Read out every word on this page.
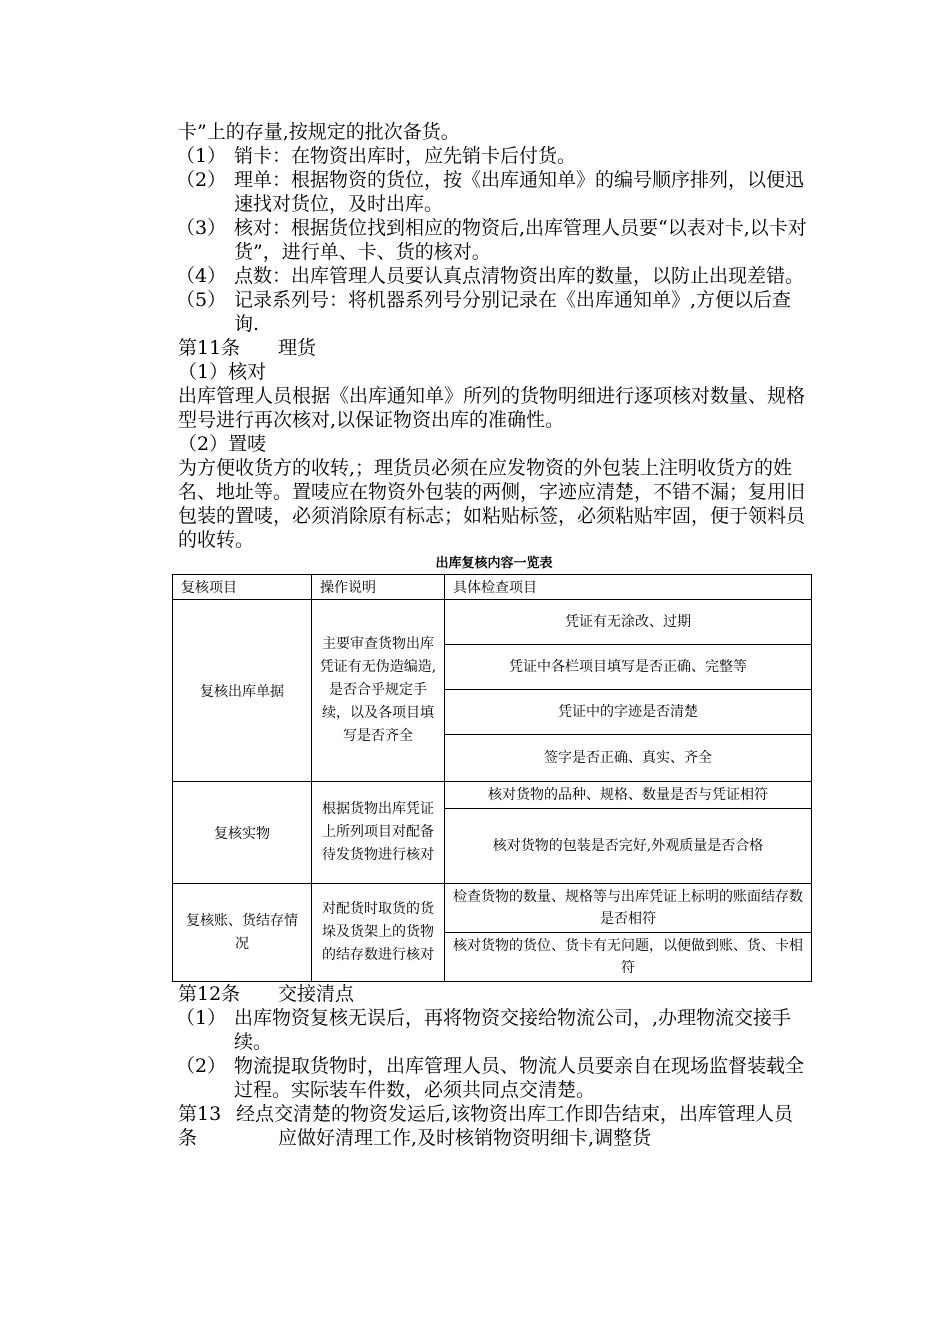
卡”上的存量,按规定的批次备货。

（1） 销卡：在物资出库时，应先销卡后付货。
（2） 理单：根据物资的货位，按《出库通知单》的编号顺序排列，以便迅速找对货位，及时出库。
（3） 核对：根据货位找到相应的物资后,出库管理人员要“以表对卡,以卡对货”，进行单、卡、货的核对。
（4） 点数：出库管理人员要认真点清物资出库的数量，以防止出现差错。
（5） 记录系列号：将机器系列号分别记录在《出库通知单》,方便以后查询.
第11条	理货

（1）核对

出库管理人员根据《出库通知单》所列的货物明细进行逐项核对数量、规格型号进行再次核对,以保证物资出库的准确性。

（2）置唛

为方便收货方的收转,；理货员必须在应发物资的外包装上注明收货方的姓名、地址等。置唛应在物资外包装的两侧，字迹应清楚，不错不漏；复用旧包装的置唛，必须消除原有标志；如粘贴标签，必须粘贴牢固，便于领料员的收转。

出库复核内容一览表
复核项目	操作说明	具体检查项目
复核出库单据	主要审查货物出库凭证有无伪造编造,是否合乎规定手续，以及各项目填写是否齐全	凭证有无涂改、过期
		凭证中各栏项目填写是否正确、完整等
		凭证中的字迹是否清楚
		签字是否正确、真实、齐全
复核实物	根据货物出库凭证上所列项目对配备待发货物进行核对	核对货物的品种、规格、数量是否与凭证相符
		核对货物的包装是否完好,外观质量是否合格
复核账、货结存情况	对配货时取货的货垛及货架上的货物的结存数进行核对	检查货物的数量、规格等与出库凭证上标明的账面结存数是否相符
		核对货物的货位、货卡有无问题，以便做到账、货、卡相符
第12条	交接清点
（1） 出库物资复核无误后，再将物资交接给物流公司，,办理物流交接手续。
（2） 物流提取货物时，出库管理人员、物流人员要亲自在现场监督装载全过程。实际装车件数，必须共同点交清楚。
第13条
经点交清楚的物资发运后,该物资出库工作即告结束，出库管理人员应做好清理工作,及时核销物资明细卡,调整货
